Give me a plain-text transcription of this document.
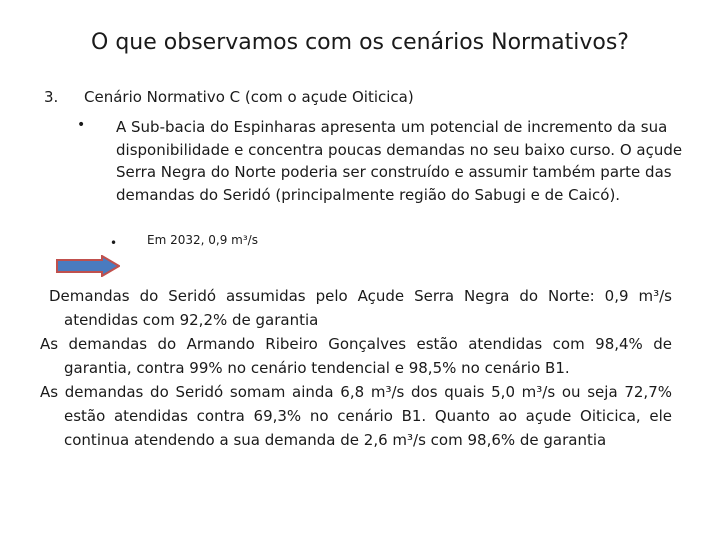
O que observamos com os cenários Normativos?
3. Cenário Normativo C (com o açude Oiticica)
• A Sub-bacia do Espinharas apresenta um potencial de incremento da sua disponibilidade e concentra poucas demandas no seu baixo curso. O açude Serra Negra do Norte poderia ser construído e assumir também parte das demandas do Seridó (principalmente região do Sabugi e de Caicó).
• Em 2032, 0,9 m³/s

Demandas do Seridó assumidas pelo Açude Serra Negra do Norte: 0,9 m³/s atendidas com 92,2% de garantia

As demandas do Armando Ribeiro Gonçalves estão atendidas com 98,4% de garantia, contra 99% no cenário tendencial e 98,5% no cenário B1.

As demandas do Seridó somam ainda 6,8 m³/s dos quais 5,0 m³/s ou seja 72,7% estão atendidas contra 69,3% no cenário B1. Quanto ao açude Oiticica, ele continua atendendo a sua demanda de 2,6 m³/s com 98,6% de garantia
